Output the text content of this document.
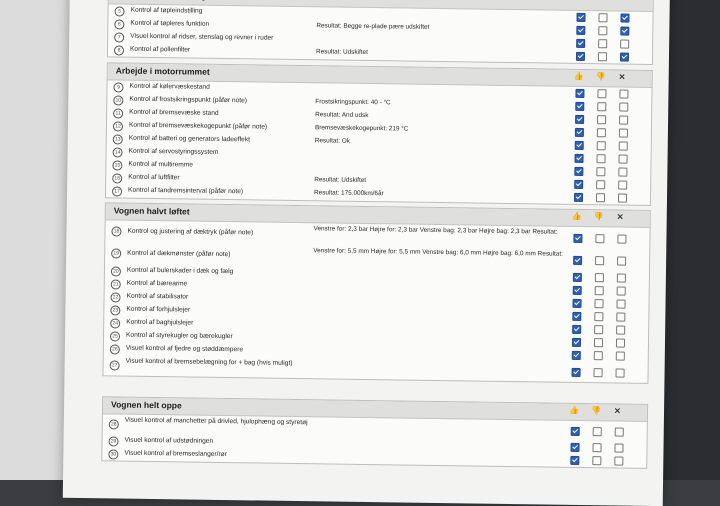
5	Kontrol af tøpleindstilling
6	Kontrol af tøpleres funktion	Resultat: Begge re-plade pære udskiftet
7	Visuel kontrol af ridser, stenslag og revner i ruder
8	Kontrol af pollenfilter	Resultat: Udskiftet
Arbejde i motorrummet	👍 👎 ✕
9	Kontrol af kølervæskestand
10	Kontrol af frostsikringspunkt (påfør note)	Frostsikringspunkt: 40 - °C
11	Kontrol af bremsevæske stand	Resultat: And udsk
12	Kontrol af bremsevæskekogepunkt (påfør note)	Bremsevæskekogepunkt: 219 °C
13	Kontrol af batteri og generators ladeeffekt	Resultat: Ok
14	Kontrol af servostyringssystem
15	Kontrol af multiremme
16	Kontrol af luftfilter	Resultat: Udskiftet
17	Kontrol af tandremsinterval (påfør note)	Resultat: 175.000km/6år
Vognen halvt løftet	👍 👎 ✕
18	Kontrol og justering af dæktryk (påfør note)	Venstre for: 2,3 bar Højre for: 2,3 bar Venstre bag: 2,3 bar Højre bag: 2,3 bar Resultat:
19	Kontrol af dækmønster (påfør note)	Venstre for: 5,5 mm Højre for: 5,5 mm Venstre bag: 6,0 mm Højre bag: 6,0 mm Resultat:
20	Kontrol af bulerskader i dæk og fælg
21	Kontrol af bærearme
22	Kontrol af stabilisator
23	Kontrol af forhjulslejer
24	Kontrol af baghjulslejer
25	Kontrol af styrekugler og bærekugler
26	Visuel kontrol af fjedre og støddæmpere
27	Visuel kontrol af bremsebelægning for + bag (hvis muligt)
Vognen helt oppe	👍 👎 ✕
28	Visuel kontrol af manchetter på drivled, hjulophæng og styretøj
29	Visuel kontrol af udstødningen
30	Visuel kontrol af bremseslanger/rør
